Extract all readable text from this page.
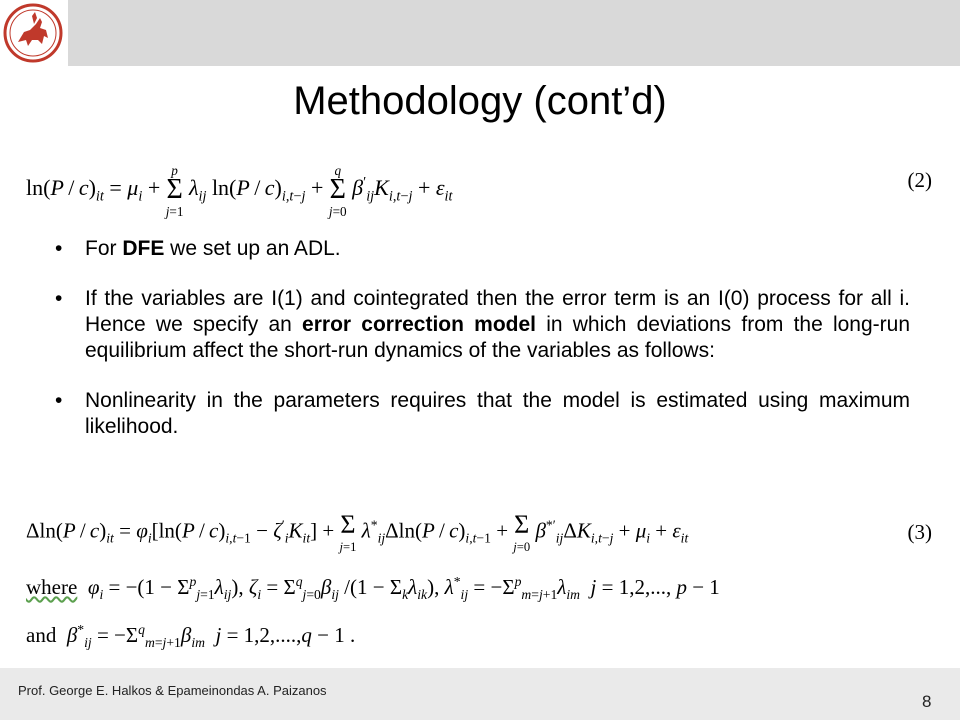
Methodology (cont’d)
$\ln(P / c)_{it} = \mu_i + p$
Σ
j=1 $\lambda_{ij}$ $\ln(P / c)_{i,t-j} + q$
Σ
j=0 $\beta'_{ij}K_{i,t-j} + \varepsilon_{it}$
(2)
• For DFE we set up an ADL.
• If the variables are I(1) and cointegrated then the error term is an I(0) process for all i. Hence we specify an error correction model in which deviations from the long-run equilibrium affect the short-run dynamics of the variables as follows:
• Nonlinearity in the parameters requires that the model is estimated using maximum likelihood.
$\Delta\ln(P / c)_{it} = \varphi_i[\ln(P / c)_{i,t-1} - \zeta'_iK_{it}] + \Sigma$
j=1 $\lambda^*_{ij}\Delta\ln(P / c)_{i,t-1} + \Sigma$
j=0 $\beta^{*'}_{ij}\Delta K_{i,t-j} + \mu_i + \varepsilon_{it}$	(3)
where $\varphi_i = -(1 - \Sigma^p_{j=1}\lambda_{ij})$, $\zeta_i = \Sigma^q_{j=0}\beta_{ij}$ $/(1 - \Sigma_k\lambda_{ik})$, $\lambda^*_{ij} = -\Sigma^p_{m=j+1}\lambda_{im}$ j = 1,2,..., p − 1
and $\beta^*_{ij} = -\Sigma^q_{m=j+1}\beta_{im}$ j = 1,2,....,q − 1 .
Prof. George E. Halkos & Epameinondas A. Paizanos
8
